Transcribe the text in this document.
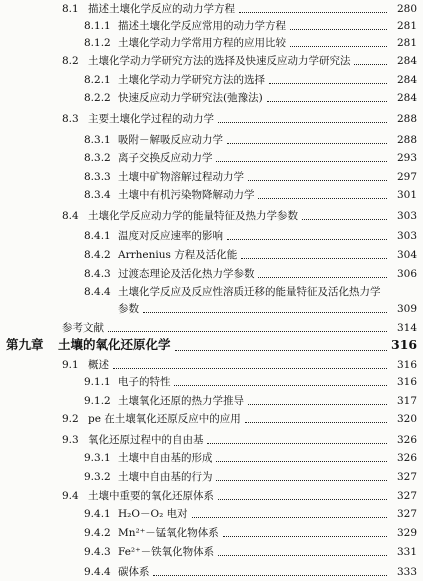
8.1 描述土壤化学反应的动力学方程	280
8.1.1 描述土壤化学反应常用的动力学方程	281
8.1.2 土壤化学动力学常用方程的应用比较	281
8.2 土壤化学动力学研究方法的选择及快速反应动力学研究法	284
8.2.1 土壤化学动力学研究方法的选择	284
8.2.2 快速反应动力学研究法(弛豫法)	284
8.3 主要土壤化学过程的动力学	288
8.3.1 吸附－解吸反应动力学	288
8.3.2 离子交换反应动力学	293
8.3.3 土壤中矿物溶解过程动力学	297
8.3.4 土壤中有机污染物降解动力学	301
8.4 土壤化学反应动力学的能量特征及热力学参数	303
8.4.1 温度对反应速率的影响	303
8.4.2 Arrhenius 方程及活化能	304
8.4.3 过渡态理论及活化热力学参数	306
8.4.4 土壤化学反应及反应性溶质迁移的能量特征及活化热力学
参数	309
参考文献	314
第九章 土壤的氧化还原化学	316
9.1 概述	316
9.1.1 电子的特性	316
9.1.2 土壤氧化还原的热力学推导	317
9.2 pe 在土壤氧化还原反应中的应用	320
9.3 氧化还原过程中的自由基	326
9.3.1 土壤中自由基的形成	326
9.3.2 土壤中自由基的行为	327
9.4 土壤中重要的氧化还原体系	327
9.4.1 H₂O－O₂ 电对	327
9.4.2 Mn²⁺－锰氧化物体系	329
9.4.3 Fe²⁺－铁氧化物体系	331
9.4.4 碳体系	333
